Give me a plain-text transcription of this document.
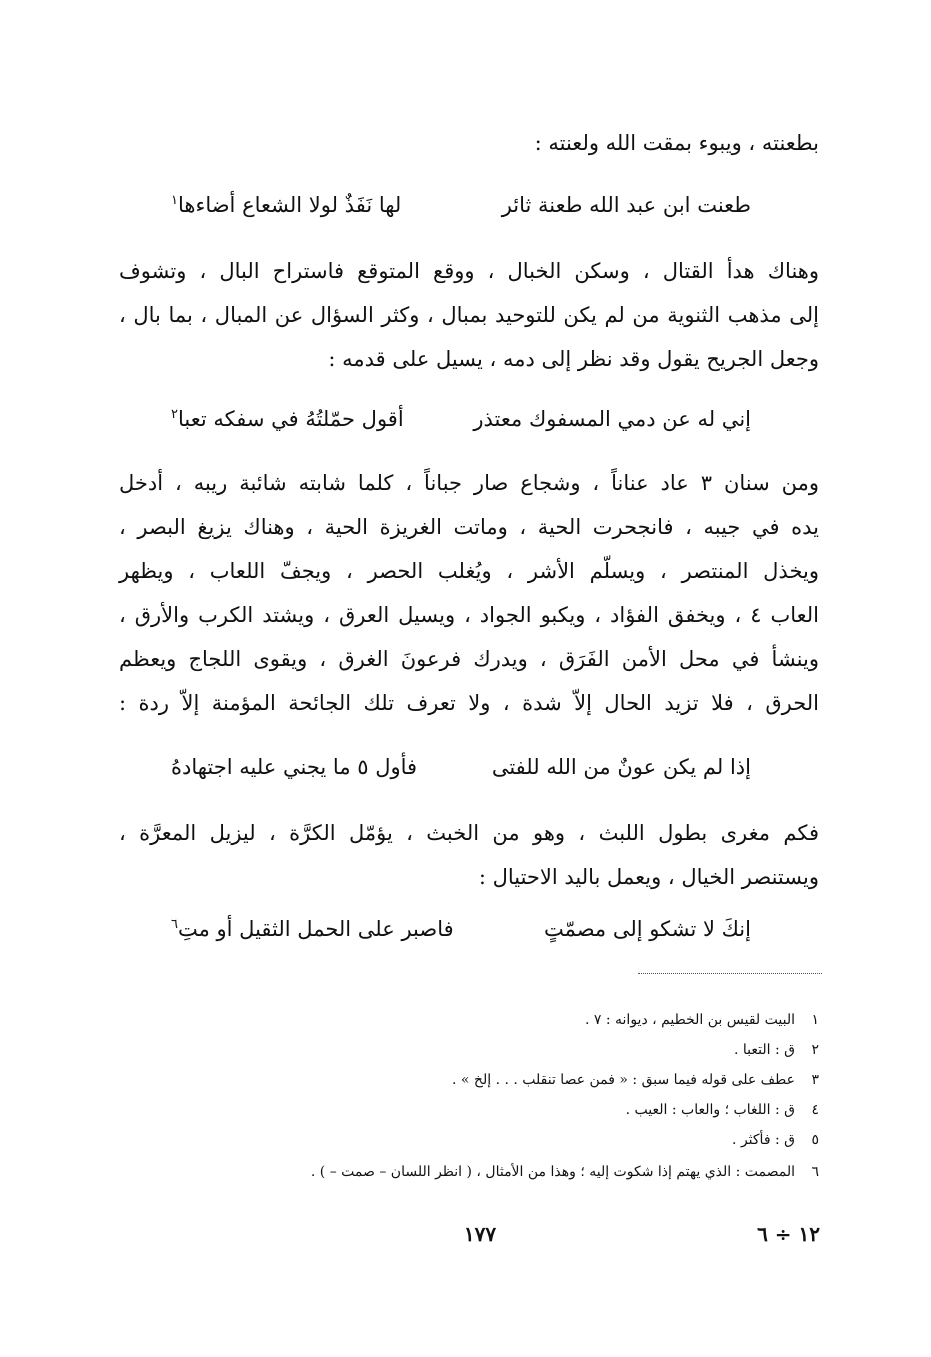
بطعنته ، ويبوء بمقت الله ولعنته :
طعنت ابن عبد الله طعنة ثائر
لها نَفَذٌ لولا الشعاع أضاءها$^١$
وهناك هدأ القتال ، وسكن الخبال ، ووقع المتوقع فاستراح البال ، وتشوف
إلى مذهب الثنوية من لم يكن للتوحيد بمبال ، وكثر السؤال عن المبال ، بما بال ،
وجعل الجريح يقول وقد نظر إلى دمه ، يسيل على قدمه :
إني له عن دمي المسفوك معتذر
أقول حمّلتُهُ في سفكه تعبا$^٢$
ومن سنان ٣ عاد عناناً ، وشجاع صار جباناً ، كلما شابته شائبة ريبه ، أدخل
يده في جيبه ، فانجحرت الحية ، وماتت الغريزة الحية ، وهناك يزيغ البصر ،
ويخذل المنتصر ، ويسلّم الأشر ، ويُغلب الحصر ، ويجفّ اللعاب ، ويظهر
العاب ٤ ، ويخفق الفؤاد ، ويكبو الجواد ، ويسيل العرق ، ويشتد الكرب والأرق ،
وينشأ في محل الأمن الفَرَق ، ويدرك فرعونَ الغرق ، ويقوى اللجاج ويعظم
الحرق ، فلا تزيد الحال إلاّ شدة ، ولا تعرف تلك الجائحة المؤمنة إلاّ ردة :
إذا لم يكن عونٌ من الله للفتى
فأول ٥ ما يجني عليه اجتهادهُ
فكم مغرى بطول اللبث ، وهو من الخبث ، يؤمّل الكرَّة ، ليزيل المعرَّة ،
ويستنصر الخيال ، ويعمل باليد الاحتيال :
إنكَ لا تشكو إلى مصمّتٍ
فاصبر على الحمل الثقيل أو متِ$^٦$
١البيت لقيس بن الخطيم ، ديوانه : ٧ .
٢ق : التعبا .
٣عطف على قوله فيما سبق : « فمن عصا تنقلب . . . إلخ » .
٤ق : اللغاب ؛ والعاب : العيب .
٥ق : فأكثر .
٦المصمت : الذي يهتم إذا شكوت إليه ؛ وهذا من الأمثال ، ( انظر اللسان – صمت – ) .
١٧٧	١٢ ÷ ٦
